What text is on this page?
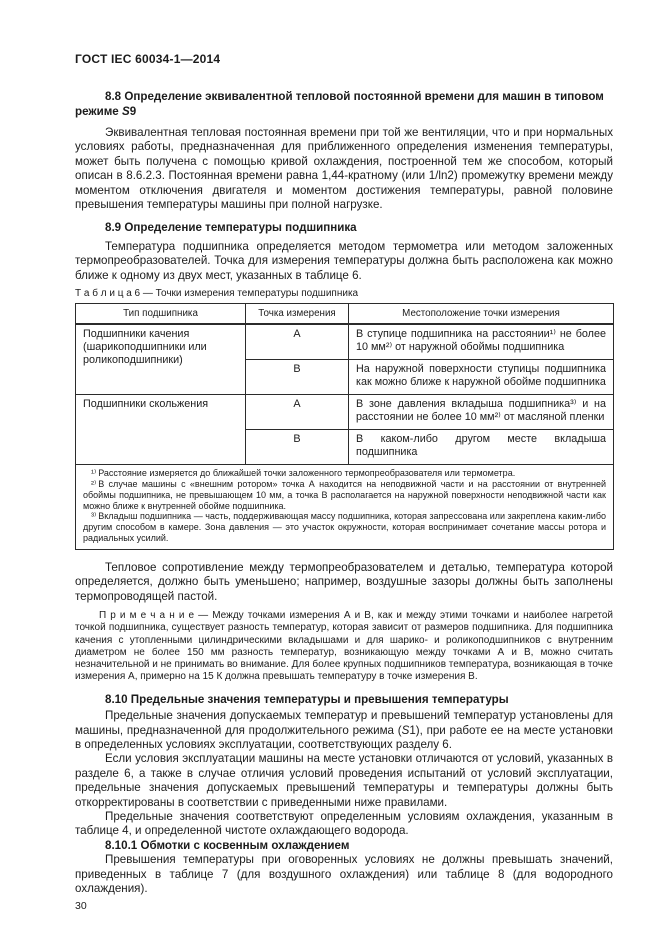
ГОСТ IEC 60034-1—2014
8.8 Определение эквивалентной тепловой постоянной времени для машин в типовом режиме S9

Эквивалентная тепловая постоянная времени при той же вентиляции, что и при нормальных условиях работы, предназначенная для приближенного определения изменения температуры, может быть получена с помощью кривой охлаждения, построенной тем же способом, который описан в 8.6.2.3. Постоянная времени равна 1,44-кратному (или 1/ln2) промежутку времени между моментом отключения двигателя и моментом достижения температуры, равной половине превышения температуры машины при полной нагрузке.

8.9 Определение температуры подшипника

Температура подшипника определяется методом термометра или методом заложенных термопреобразователей. Точка для измерения температуры должна быть расположена как можно ближе к одному из двух мест, указанных в таблице 6.

Т а б л и ц а 6 — Точки измерения температуры подшипника
Тип подшипника	Точка измерения	Местоположение точки измерения
Подшипники качения (шарикоподшипники или роликоподшипники)	А	В ступице подшипника на расстоянии¹⁾ не более 10 мм²⁾ от наружной обоймы подшипника
	В	На наружной поверхности ступицы подшипника как можно ближе к наружной обойме подшипника
Подшипники скольжения	А	В зоне давления вкладыша подшипника³⁾ и на расстоянии не более 10 мм²⁾ от масляной пленки
	В	В каком-либо другом месте вкладыша подшипника

¹⁾ Расстояние измеряется до ближайшей точки заложенного термопреобразователя или термометра.

²⁾ В случае машины с «внешним ротором» точка А находится на неподвижной части и на расстоянии от внутренней обоймы подшипника, не превышающем 10 мм, а точка В располагается на наружной поверхности неподвижной части как можно ближе к внутренней обойме подшипника.

³⁾ Вкладыш подшипника — часть, поддерживающая массу подшипника, которая запрессована или закреплена каким-либо другим способом в камере. Зона давления — это участок окружности, которая воспринимает сочетание массы ротора и радиальных усилий.		

Тепловое сопротивление между термопреобразователем и деталью, температура которой определяется, должно быть уменьшено; например, воздушные зазоры должны быть заполнены термопроводящей пастой.

П р и м е ч а н и е — Между точками измерения А и В, как и между этими точками и наиболее нагретой точкой подшипника, существует разность температур, которая зависит от размеров подшипника. Для подшипника качения с утопленными цилиндрическими вкладышами и для шарико- и роликоподшипников с внутренним диаметром не более 150 мм разность температур, возникающую между точками А и В, можно считать незначительной и не принимать во внимание. Для более крупных подшипников температура, возникающая в точке измерения А, примерно на 15 К должна превышать температуру в точке измерения В.

8.10 Предельные значения температуры и превышения температуры

Предельные значения допускаемых температур и превышений температур установлены для машины, предназначенной для продолжительного режима (S1), при работе ее на месте установки в определенных условиях эксплуатации, соответствующих разделу 6.

Если условия эксплуатации машины на месте установки отличаются от условий, указанных в разделе 6, а также в случае отличия условий проведения испытаний от условий эксплуатации, предельные значения допускаемых превышений температуры и температуры должны быть откорректированы в соответствии с приведенными ниже правилами.

Предельные значения соответствуют определенным условиям охлаждения, указанным в таблице 4, и определенной чистоте охлаждающего водорода.

8.10.1 Обмотки с косвенным охлаждением

Превышения температуры при оговоренных условиях не должны превышать значений, приведенных в таблице 7 (для воздушного охлаждения) или таблице 8 (для водородного охлаждения).

30
